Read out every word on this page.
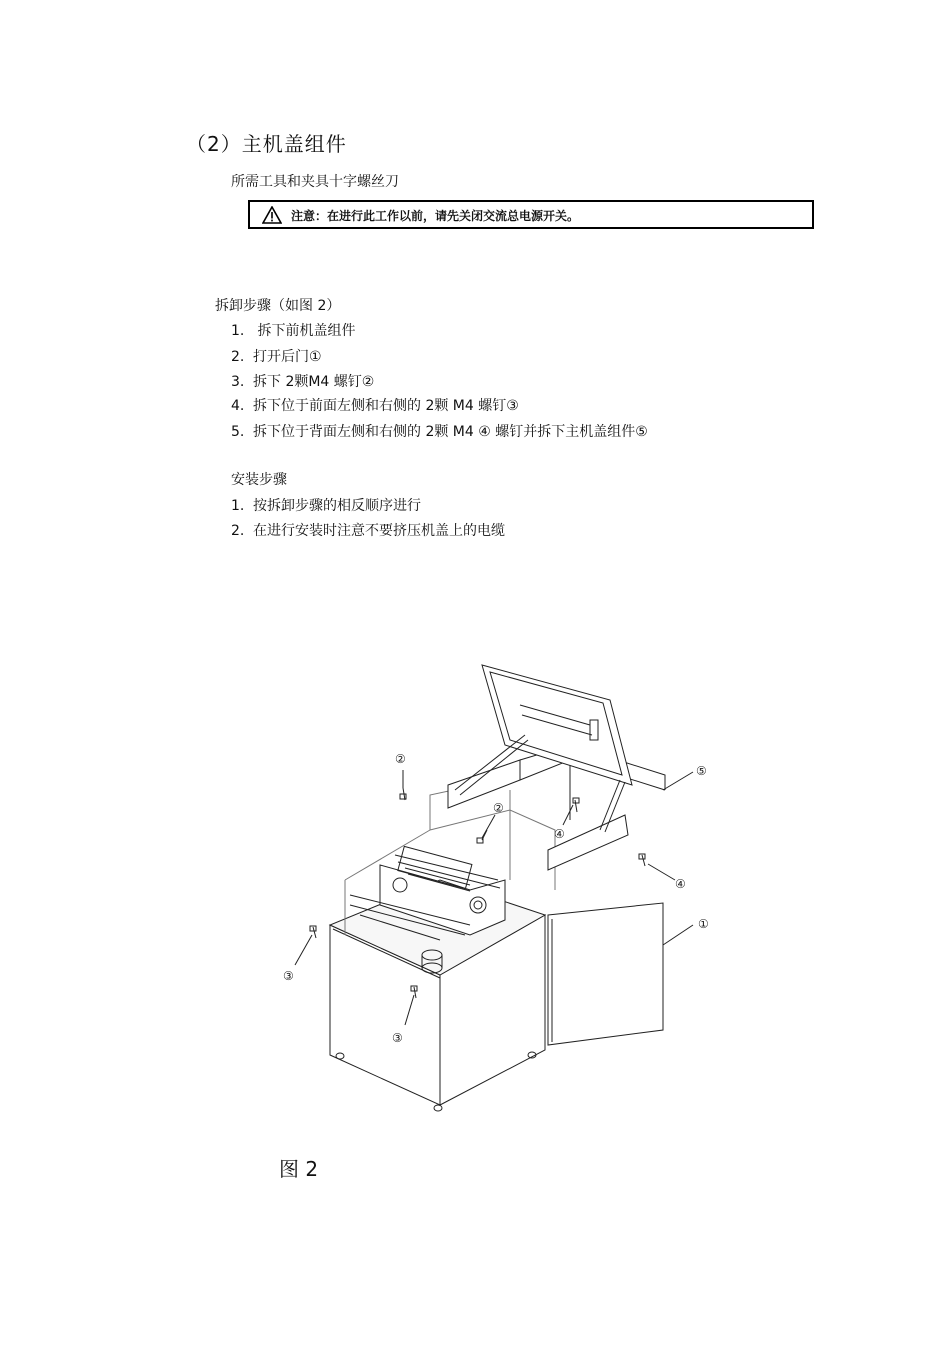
（2）主机盖组件
所需工具和夹具十字螺丝刀
注意：在进行此工作以前，请先关闭交流总电源开关。
拆卸步骤（如图 2）
1. 拆下前机盖组件
2. 打开后门①
3. 拆下 2颗M4 螺钉②
4. 拆下位于前面左侧和右侧的 2颗 M4 螺钉③
5. 拆下位于背面左侧和右侧的 2颗 M4 ④ 螺钉并拆下主机盖组件⑤
安装步骤
1. 按拆卸步骤的相反顺序进行
2. 在进行安装时注意不要挤压机盖上的电缆
②
②
④
④
③
③
①
⑤
图 2
